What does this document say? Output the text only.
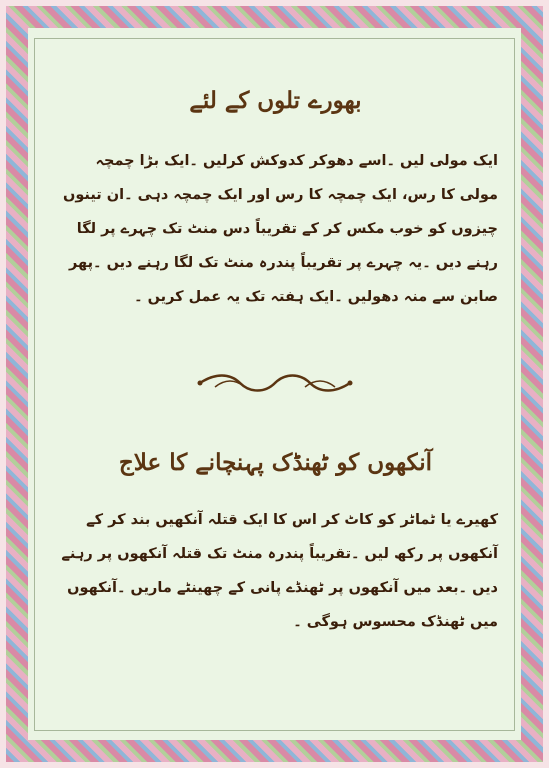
بھورے تلوں کے لئے

ایک مولی لیں ۔اسے دھوکر کدوکش کرلیں ۔ایک بڑا چمچہ مولی کا رس، ایک چمچہ کا رس اور ایک چمچہ دہی ۔ان تینوں چیزوں کو خوب مکس کر کے تقریباً دس منٹ تک چہرے پر لگا رہنے دیں ۔یہ چہرے پر تقریباً پندرہ منٹ تک لگا رہنے دیں ۔پھر صابن سے منہ دھولیں ۔ایک ہفتہ تک یہ عمل کریں ۔

آنکھوں کو ٹھنڈک پہنچانے کا علاج

کھیرے یا ٹماٹر کو کاٹ کر اس کا ایک قتلہ آنکھیں بند کر کے آنکھوں پر رکھ لیں ۔تقریباً پندرہ منٹ تک قتلہ آنکھوں پر رہنے دیں ۔بعد میں آنکھوں پر ٹھنڈے پانی کے چھینٹے ماریں ۔آنکھوں میں ٹھنڈک محسوس ہوگی ۔
